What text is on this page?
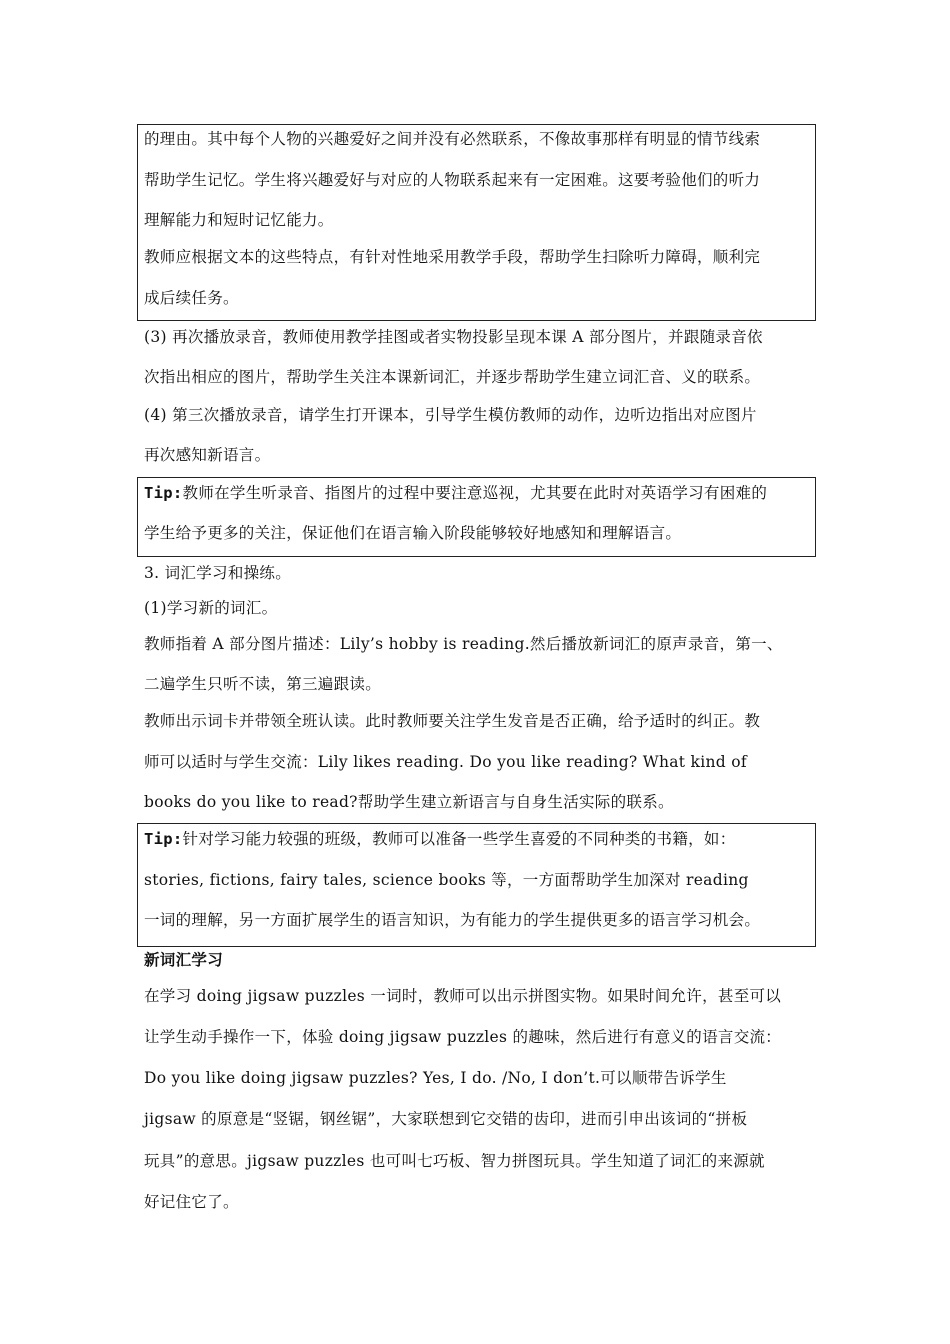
的理由。其中每个人物的兴趣爱好之间并没有必然联系，不像故事那样有明显的情节线索
帮助学生记忆。学生将兴趣爱好与对应的人物联系起来有一定困难。这要考验他们的听力
理解能力和短时记忆能力。
教师应根据文本的这些特点，有针对性地采用教学手段，帮助学生扫除听力障碍，顺利完
成后续任务。
(3) 再次播放录音，教师使用教学挂图或者实物投影呈现本课 A 部分图片，并跟随录音依
次指出相应的图片，帮助学生关注本课新词汇，并逐步帮助学生建立词汇音、义的联系。
(4) 第三次播放录音，请学生打开课本，引导学生模仿教师的动作，边听边指出对应图片
再次感知新语言。
Tip:教师在学生听录音、指图片的过程中要注意巡视，尤其要在此时对英语学习有困难的
学生给予更多的关注，保证他们在语言输入阶段能够较好地感知和理解语言。
3. 词汇学习和操练。
(1)学习新的词汇。
教师指着 A 部分图片描述：Lily’s hobby is reading.然后播放新词汇的原声录音，第一、
二遍学生只听不读，第三遍跟读。
教师出示词卡并带领全班认读。此时教师要关注学生发音是否正确，给予适时的纠正。教
师可以适时与学生交流：Lily likes reading. Do you like reading? What kind of
books do you like to read?帮助学生建立新语言与自身生活实际的联系。
Tip:针对学习能力较强的班级，教师可以准备一些学生喜爱的不同种类的书籍，如：
stories, fictions, fairy tales, science books 等，一方面帮助学生加深对 reading
一词的理解，另一方面扩展学生的语言知识，为有能力的学生提供更多的语言学习机会。
新词汇学习
在学习 doing jigsaw puzzles 一词时，教师可以出示拼图实物。如果时间允许，甚至可以
让学生动手操作一下，体验 doing jigsaw puzzles 的趣味，然后进行有意义的语言交流：
Do you like doing jigsaw puzzles? Yes, I do. /No, I don’t.可以顺带告诉学生
jigsaw 的原意是“竖锯，钢丝锯”，大家联想到它交错的齿印，进而引申出该词的“拼板
玩具”的意思。jigsaw puzzles 也可叫七巧板、智力拼图玩具。学生知道了词汇的来源就
好记住它了。
